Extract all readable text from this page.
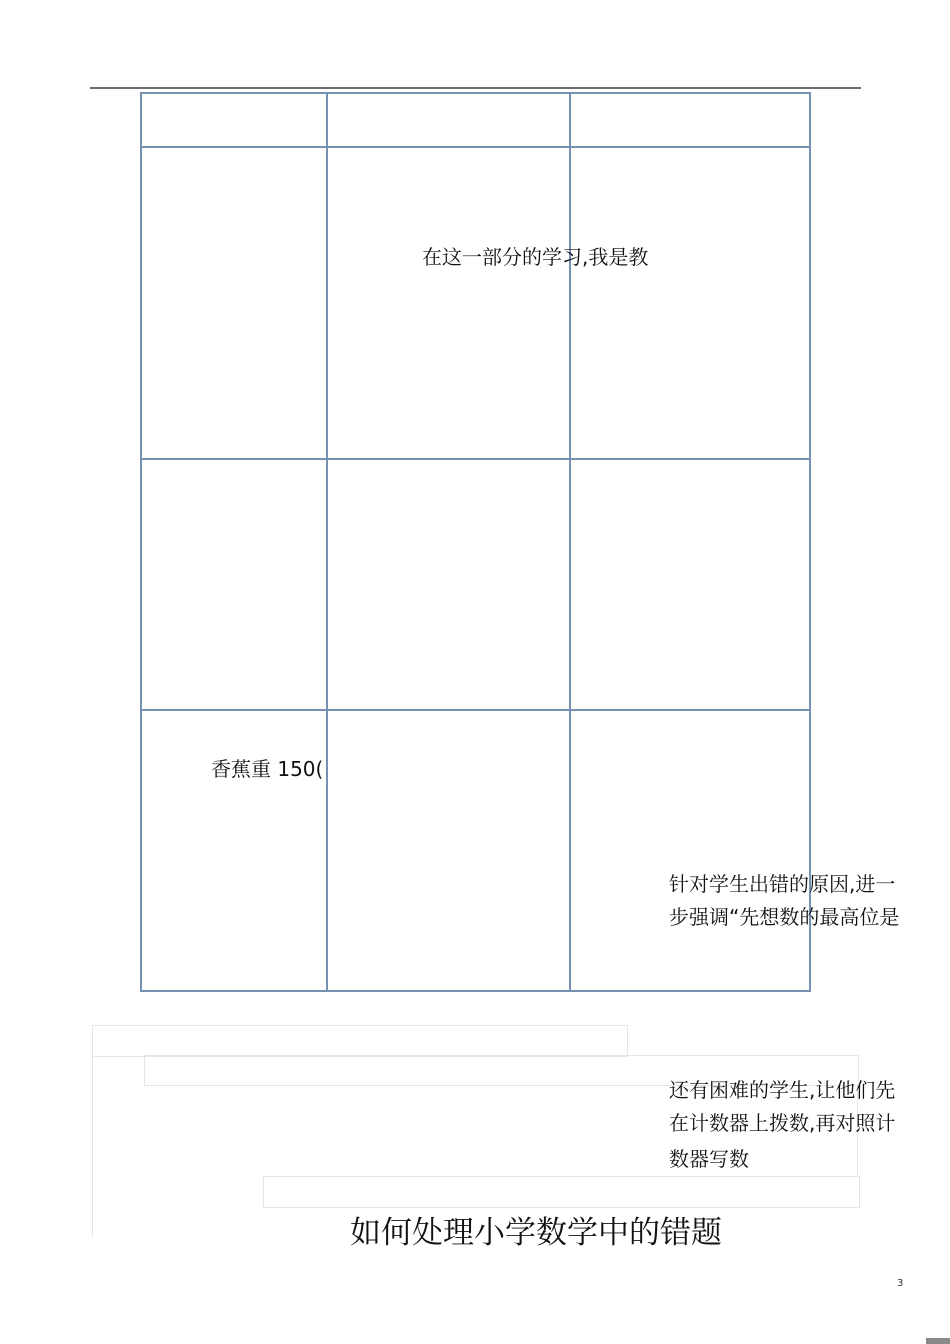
在这一部分的学习,我是教
香蕉重 150(
针对学生出错的原因,进一
步强调“先想数的最高位是
还有困难的学生,让他们先
在计数器上拨数,再对照计
数器写数
如何处理小学数学中的错题
3
